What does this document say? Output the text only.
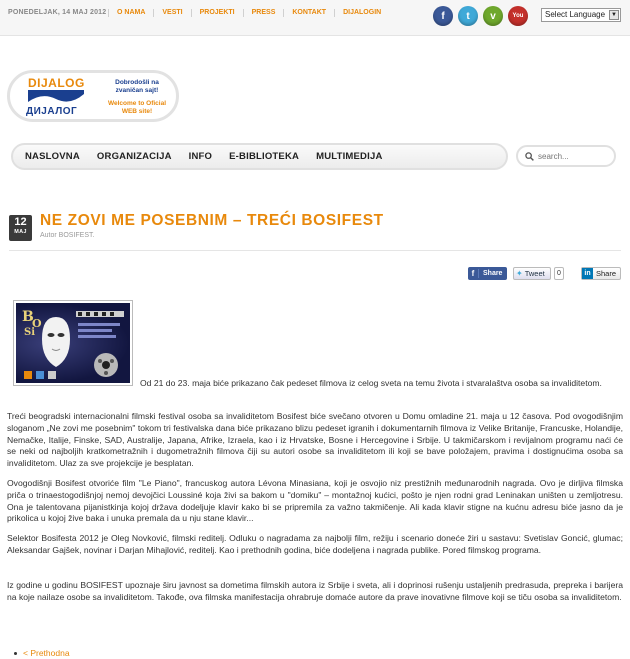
PONEDELJAK, 14 MAJ 2012	O NAMA	VESTI	PROJEKTI	PRESS	KONTAKT	DIJALOGIN	f	t	v	You	Select Language ▼
DIJALOG
ДИЈАЛОГ
Dobrodošli na zvaničan sajt!
Welcome to Oficial WEB site!
NASLOVNA ORGANIZACIJA INFO E-BIBLIOTEKA MULTIMEDIJA
search...
12
MAJ
NE ZOVI ME POSEBNIM – TREĆI BOSIFEST
Autor BOSIFEST.
f	Share ✦ Tweet	0	in Share
B
O
Si
Od 21 do 23. maja biće prikazano čak pedeset filmova iz celog sveta na temu života i stvaralaštva osoba sa invaliditetom.

Treći beogradski internacionalni filmski festival osoba sa invaliditetom Bosifest biće svečano otvoren u Domu omladine 21. maja u 12 časova. Pod ovogodišnjim sloganom „Ne zovi me posebnim" tokom tri festivalska dana biće prikazano blizu pedeset igranih i dokumentarnih filmova iz Velike Britanije, Francuske, Holandije, Nemačke, Italije, Finske, SAD, Australije, Japana, Afrike, Izraela, kao i iz Hrvatske, Bosne i Hercegovine i Srbije. U takmičarskom i revijalnom programu naći će se neki od najboljih kratkometražnih i dugometražnih filmova čiji su autori osobe sa invaliditetom ili koji se bave položajem, pravima i dostignućima osoba sa invaliditetom. Ulaz za sve projekcije je besplatan.

Ovogodišnji Bosifest otvoriće film "Le Piano", francuskog autora Lévona Minasiana, koji je osvojio niz prestižnih međunarodnih nagrada. Ovo je dirljiva filmska priča o trinaestogodišnjoj nemoj devojčici Loussiné koja živi sa bakom u "domiku" – montažnoj kućici, pošto je njen rodni grad Leninakan uništen u zemljotresu. Ona je talentovana pijanistkinja kojoj država dodeljuje klavir kako bi se pripremila za važno takmičenje. Ali kada klavir stigne na kućnu adresu biće jasno da je prikolica u kojoj žive baka i unuka premala da u nju stane klavir...

Selektor Bosifesta 2012 je Oleg Novković, filmski reditelj. Odluku o nagradama za najbolji film, režiju i scenario doneće žiri u sastavu: Svetislav Goncić, glumac; Aleksandar Gajšek, novinar i Darjan Mihajlović, reditelj. Kao i prethodnih godina, biće dodeljena i nagrada publike. Pored filmskog programa.

Iz godine u godinu BOSIFEST upoznaje širu javnost sa dometima filmskih autora iz Srbije i sveta, ali i doprinosi rušenju ustaljenih predrasuda, prepreka i barijera na koje nailaze osobe sa invaliditetom. Takođe, ova filmska manifestacija ohrabruje domaće autore da prave inovativne filmove koji se tiču osoba sa invaliditetom.

< Prethodna
